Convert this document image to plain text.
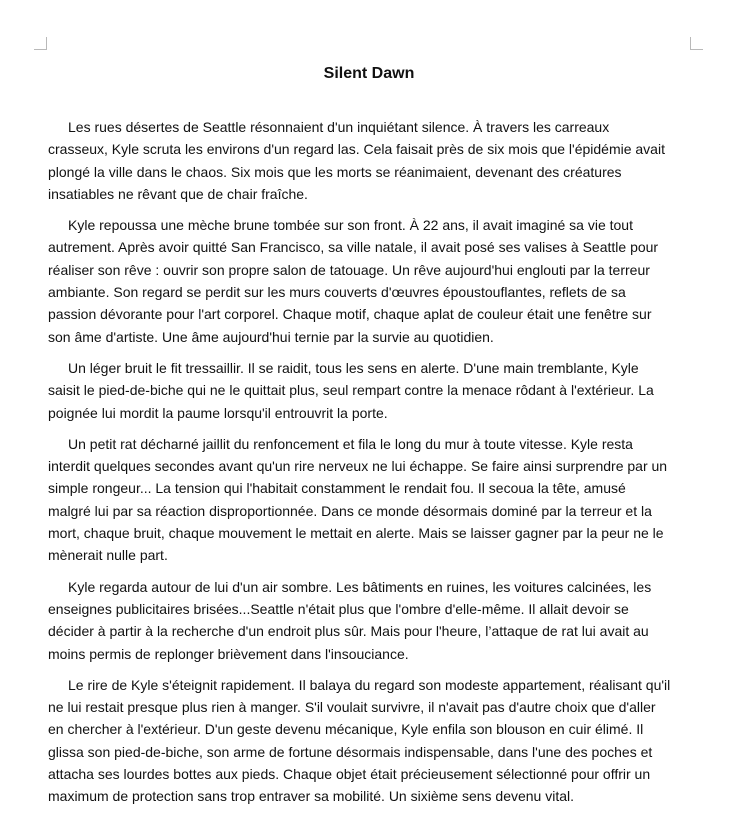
Silent Dawn

Les rues désertes de Seattle résonnaient d'un inquiétant silence. À travers les carreaux crasseux, Kyle scruta les environs d'un regard las. Cela faisait près de six mois que l'épidémie avait plongé la ville dans le chaos. Six mois que les morts se réanimaient, devenant des créatures insatiables ne rêvant que de chair fraîche.

Kyle repoussa une mèche brune tombée sur son front. À 22 ans, il avait imaginé sa vie tout autrement. Après avoir quitté San Francisco, sa ville natale, il avait posé ses valises à Seattle pour réaliser son rêve : ouvrir son propre salon de tatouage. Un rêve aujourd'hui englouti par la terreur ambiante. Son regard se perdit sur les murs couverts d'œuvres époustouflantes, reflets de sa passion dévorante pour l'art corporel. Chaque motif, chaque aplat de couleur était une fenêtre sur son âme d'artiste. Une âme aujourd'hui ternie par la survie au quotidien.

Un léger bruit le fit tressaillir. Il se raidit, tous les sens en alerte. D'une main tremblante, Kyle saisit le pied-de-biche qui ne le quittait plus, seul rempart contre la menace rôdant à l'extérieur. La poignée lui mordit la paume lorsqu'il entrouvrit la porte.

Un petit rat décharné jaillit du renfoncement et fila le long du mur à toute vitesse. Kyle resta interdit quelques secondes avant qu'un rire nerveux ne lui échappe. Se faire ainsi surprendre par un simple rongeur... La tension qui l'habitait constamment le rendait fou. Il secoua la tête, amusé malgré lui par sa réaction disproportionnée. Dans ce monde désormais dominé par la terreur et la mort, chaque bruit, chaque mouvement le mettait en alerte. Mais se laisser gagner par la peur ne le mènerait nulle part.

Kyle regarda autour de lui d'un air sombre. Les bâtiments en ruines, les voitures calcinées, les enseignes publicitaires brisées...Seattle n'était plus que l'ombre d'elle-même. Il allait devoir se décider à partir à la recherche d'un endroit plus sûr. Mais pour l'heure, l’attaque de rat lui avait au moins permis de replonger brièvement dans l'insouciance.

Le rire de Kyle s'éteignit rapidement. Il balaya du regard son modeste appartement, réalisant qu'il ne lui restait presque plus rien à manger. S'il voulait survivre, il n'avait pas d'autre choix que d'aller en chercher à l'extérieur. D'un geste devenu mécanique, Kyle enfila son blouson en cuir élimé. Il glissa son pied-de-biche, son arme de fortune désormais indispensable, dans l'une des poches et attacha ses lourdes bottes aux pieds. Chaque objet était précieusement sélectionné pour offrir un maximum de protection sans trop entraver sa mobilité. Un sixième sens devenu vital.
